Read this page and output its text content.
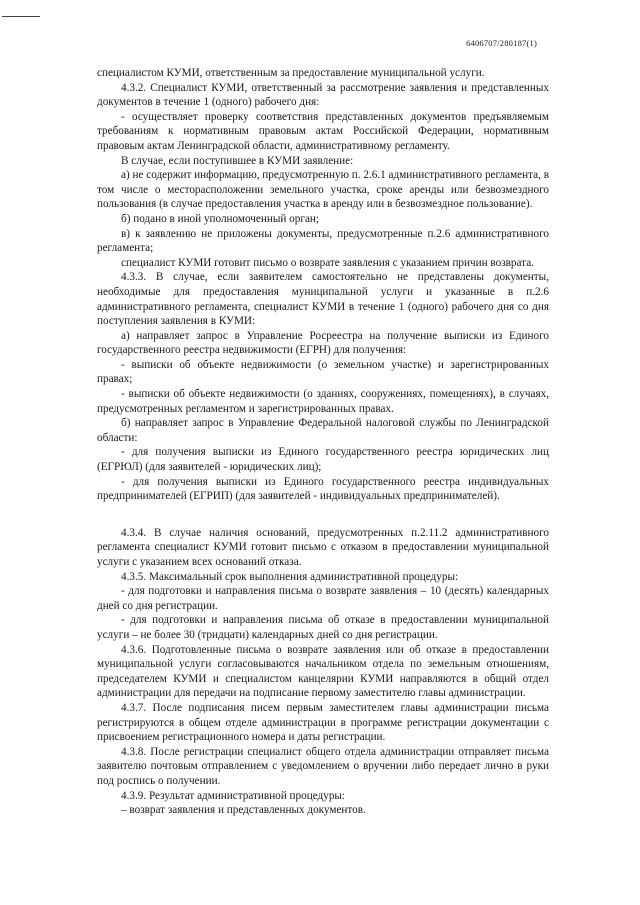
6406707/280187(1)

специалистом КУМИ, ответственным за предоставление муниципальной услуги.

4.3.2. Специалист КУМИ, ответственный за рассмотрение заявления и представленных документов в течение 1 (одного) рабочего дня:

- осуществляет проверку соответствия представленных документов предъявляемым требованиям к нормативным правовым актам Российской Федерации, нормативным правовым актам Ленинградской области, административному регламенту.

В случае, если поступившее в КУМИ заявление:

а) не содержит информацию, предусмотренную п. 2.6.1 административного регламента, в том числе о месторасположении земельного участка, сроке аренды или безвозмездного пользования (в случае предоставления участка в аренду или в безвозмездное пользование).

б) подано в иной уполномоченный орган;

в) к заявлению не приложены документы, предусмотренные п.2.6 административного регламента;

специалист КУМИ готовит письмо о возврате заявления с указанием причин возврата.

4.3.3. В случае, если заявителем самостоятельно не представлены документы, необходимые для предоставления муниципальной услуги и указанные в п.2.6 административного регламента, специалист КУМИ в течение 1 (одного) рабочего дня со дня поступления заявления в КУМИ:

а) направляет запрос в Управление Росреестра на получение выписки из Единого государственного реестра недвижимости (ЕГРН) для получения:

- выписки об объекте недвижимости (о земельном участке) и зарегистрированных правах;

- выписки об объекте недвижимости (о зданиях, сооружениях, помещениях), в случаях, предусмотренных регламентом и зарегистрированных правах.

б) направляет запрос в Управление Федеральной налоговой службы по Ленинградской области:

- для получения выписки из Единого государственного реестра юридических лиц (ЕГРЮЛ) (для заявителей - юридических лиц);

- для получения выписки из Единого государственного реестра индивидуальных предпринимателей (ЕГРИП) (для заявителей - индивидуальных предпринимателей).

4.3.4. В случае наличия оснований, предусмотренных п.2.11.2 административного регламента специалист КУМИ готовит письмо с отказом в предоставлении муниципальной услуги с указанием всех оснований отказа.

4.3.5. Максимальный срок выполнения административной процедуры:

- для подготовки и направления письма о возврате заявления – 10 (десять) календарных дней со дня регистрации.

- для подготовки и направления письма об отказе в предоставлении муниципальной услуги – не более 30 (тридцати) календарных дней со дня регистрации.

4.3.6. Подготовленные письма о возврате заявления или об отказе в предоставлении муниципальной услуги согласовываются начальником отдела по земельным отношениям, председателем КУМИ и специалистом канцелярии КУМИ направляются в общий отдел администрации для передачи на подписание первому заместителю главы администрации.

4.3.7. После подписания писем первым заместителем главы администрации письма регистрируются в общем отделе администрации в программе регистрации документации с присвоением регистрационного номера и даты регистрации.

4.3.8. После регистрации специалист общего отдела администрации отправляет письма заявителю почтовым отправлением с уведомлением о вручении либо передает лично в руки под роспись о получении.

4.3.9. Результат административной процедуры:

– возврат заявления и представленных документов.
